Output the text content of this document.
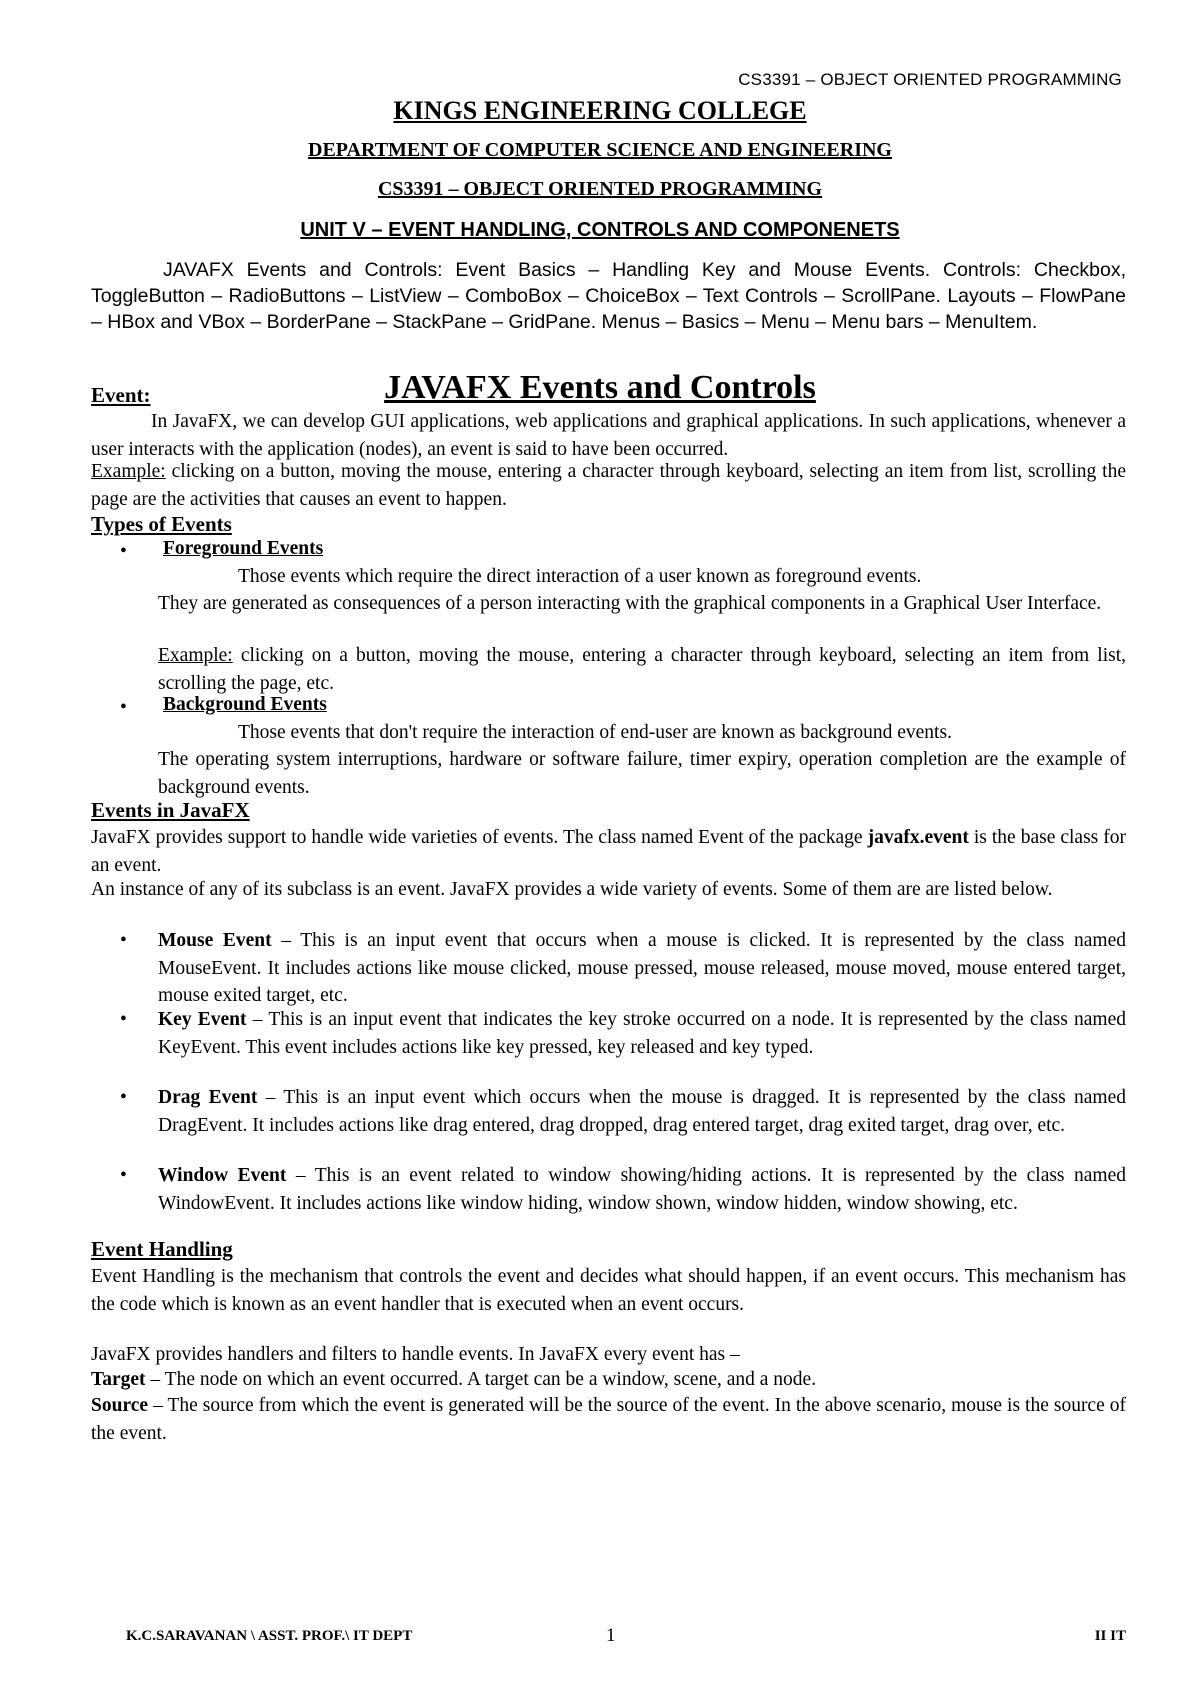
CS3391 – OBJECT ORIENTED PROGRAMMING
KINGS ENGINEERING COLLEGE
DEPARTMENT OF COMPUTER SCIENCE AND ENGINEERING
CS3391 – OBJECT ORIENTED PROGRAMMING
UNIT V – EVENT HANDLING, CONTROLS AND COMPONENETS
JAVAFX Events and Controls: Event Basics – Handling Key and Mouse Events. Controls: Checkbox, ToggleButton – RadioButtons – ListView – ComboBox – ChoiceBox – Text Controls – ScrollPane. Layouts – FlowPane – HBox and VBox – BorderPane – StackPane – GridPane. Menus – Basics – Menu – Menu bars – MenuItem.
JAVAFX Events and Controls
Event:
In JavaFX, we can develop GUI applications, web applications and graphical applications. In such applications, whenever a user interacts with the application (nodes), an event is said to have been occurred.
Example: clicking on a button, moving the mouse, entering a character through keyboard, selecting an item from list, scrolling the page are the activities that causes an event to happen.
Types of Events
• Foreground Events
Those events which require the direct interaction of a user known as foreground events.
They are generated as consequences of a person interacting with the graphical components in a Graphical User Interface.
Example: clicking on a button, moving the mouse, entering a character through keyboard, selecting an item from list, scrolling the page, etc.
• Background Events
Those events that don't require the interaction of end-user are known as background events.
The operating system interruptions, hardware or software failure, timer expiry, operation completion are the example of background events.
Events in JavaFX
JavaFX provides support to handle wide varieties of events. The class named Event of the package javafx.event is the base class for an event.
An instance of any of its subclass is an event. JavaFX provides a wide variety of events. Some of them are are listed below.
• Mouse Event – This is an input event that occurs when a mouse is clicked. It is represented by the class named MouseEvent. It includes actions like mouse clicked, mouse pressed, mouse released, mouse moved, mouse entered target, mouse exited target, etc.
• Key Event – This is an input event that indicates the key stroke occurred on a node. It is represented by the class named KeyEvent. This event includes actions like key pressed, key released and key typed.
• Drag Event – This is an input event which occurs when the mouse is dragged. It is represented by the class named DragEvent. It includes actions like drag entered, drag dropped, drag entered target, drag exited target, drag over, etc.
• Window Event – This is an event related to window showing/hiding actions. It is represented by the class named WindowEvent. It includes actions like window hiding, window shown, window hidden, window showing, etc.
Event Handling
Event Handling is the mechanism that controls the event and decides what should happen, if an event occurs. This mechanism has the code which is known as an event handler that is executed when an event occurs.
JavaFX provides handlers and filters to handle events. In JavaFX every event has –
Target – The node on which an event occurred. A target can be a window, scene, and a node.
Source – The source from which the event is generated will be the source of the event. In the above scenario, mouse is the source of the event.
K.C.SARAVANAN \ ASST. PROF.\ IT DEPT	1	II IT
